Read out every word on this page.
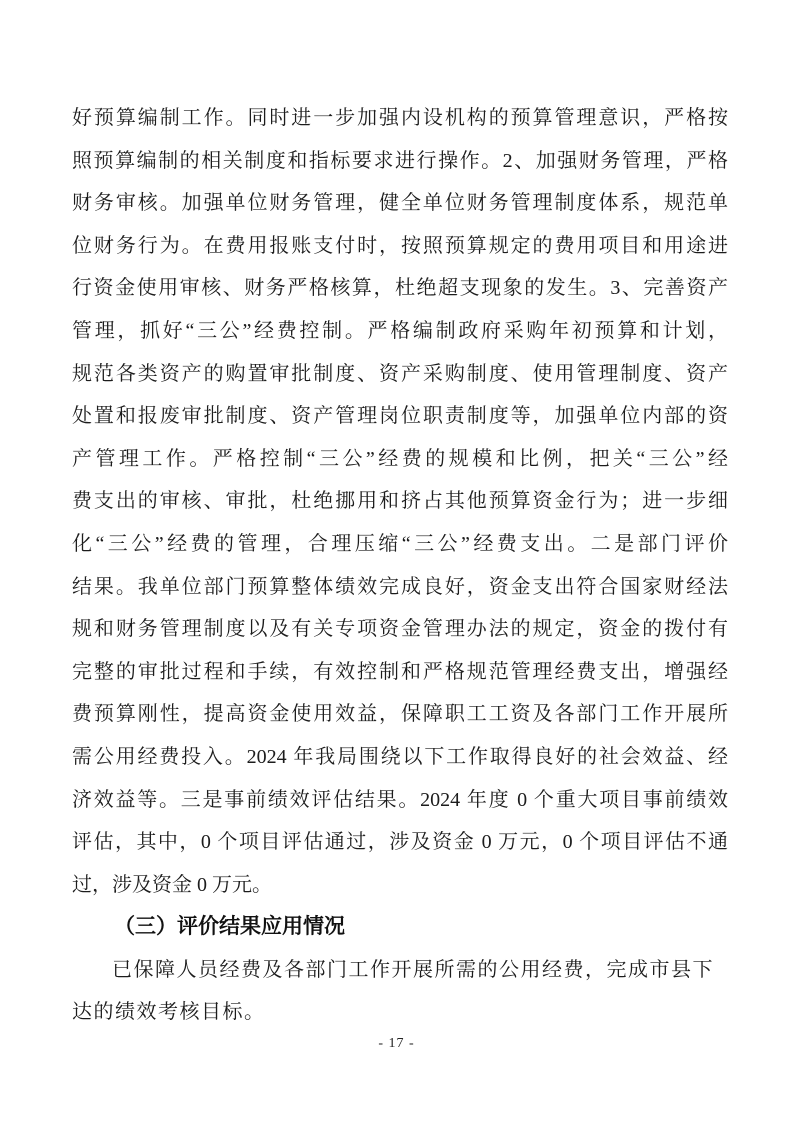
好预算编制工作。同时进一步加强内设机构的预算管理意识，严格按
照预算编制的相关制度和指标要求进行操作。2、加强财务管理，严格
财务审核。加强单位财务管理，健全单位财务管理制度体系，规范单
位财务行为。在费用报账支付时，按照预算规定的费用项目和用途进
行资金使用审核、财务严格核算，杜绝超支现象的发生。3、完善资产
管理，抓好“三公”经费控制。严格编制政府采购年初预算和计划，
规范各类资产的购置审批制度、资产采购制度、使用管理制度、资产
处置和报废审批制度、资产管理岗位职责制度等，加强单位内部的资
产管理工作。严格控制“三公”经费的规模和比例，把关“三公”经
费支出的审核、审批，杜绝挪用和挤占其他预算资金行为；进一步细
化“三公”经费的管理，合理压缩“三公”经费支出。二是部门评价
结果。我单位部门预算整体绩效完成良好，资金支出符合国家财经法
规和财务管理制度以及有关专项资金管理办法的规定，资金的拨付有
完整的审批过程和手续，有效控制和严格规范管理经费支出，增强经
费预算刚性，提高资金使用效益，保障职工工资及各部门工作开展所
需公用经费投入。2024 年我局围绕以下工作取得良好的社会效益、经
济效益等。三是事前绩效评估结果。2024 年度 0 个重大项目事前绩效
评估，其中，0 个项目评估通过，涉及资金 0 万元，0 个项目评估不通
过，涉及资金 0 万元。
（三）评价结果应用情况
已保障人员经费及各部门工作开展所需的公用经费，完成市县下
达的绩效考核目标。
- 17 -
